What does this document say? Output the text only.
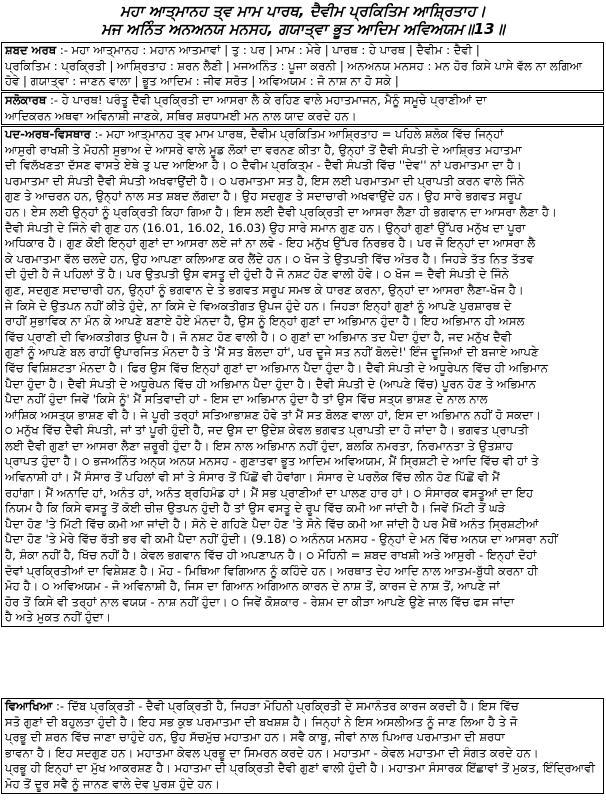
ਮਹਾ ਆਤ੍ਮਾਨਹ ਤ੍ਵ ਮਾਮ ਪਾਰਥ, ਦੈਵੀਮ ਪ੍ਰਕਿਤਿਮ ਆਸ਼੍ਰਿਤਾਹ।
ਮਜ ਅਨਿੰਤ ਅਨਅਨਯ ਮਨਸਹ, ਗਯਾਤ੍ਵਾ ਭੂਤ ਆਦਿਮ ਅਵਿਅਯਮ॥13॥
ਸ਼ਬਦ ਅਰਥ :- ਮਹਾ ਆਤ੍ਮਾਨਹ : ਮਹਾਨ ਆਤਮਾਵਾਂ | ਤੁ : ਪਰ | ਮਾਮ : ਮੇਰੇ | ਪਾਰਥ : ਹੇ ਪਾਰਥ | ਦੈਵੀਮ : ਦੈਵੀ |
ਪ੍ਰਕਿਤਿਮ : ਪ੍ਰਕ੍ਰਿਤੀ | ਆਸ਼੍ਰਿਤਾਹ : ਸ਼ਰਨ ਲੈਣੀ | ਮਜਅਨਿੰਤ : ਪੂਜਾ ਕਰਨੀ | ਅਨਅਨਯ ਮਨਸਹ : ਮਨ ਹੋਰ ਕਿਸੇ ਪਾਸੇ ਵੱਲ ਨਾ ਲਗਿਆ
ਹੋਵੇ | ਗਯਾਤ੍ਵਾ : ਜਾਣਨ ਵਾਲਾ | ਭੂਤ ਆਦਿਮ : ਜੀਵ ਸਰੋਤ | ਅਵਿਅਯਮ : ਜੋ ਨਾਸ਼ ਨਾ ਹੋ ਸਕੇ |
ਸਲੋਕਾਰਥ :- ਹੇ ਪਾਰਥ! ਪਰੰਤੂ ਦੈਵੀ ਪ੍ਰਕ੍ਰਿਤੀ ਦਾ ਆਸਰਾ ਲੈ ਕੇ ਰਹਿਣ ਵਾਲੇ ਮਹਾਤਮਾਜਨ, ਮੈਨੂੰ ਸਮੂਚੇ ਪ੍ਰਾਣੀਆਂ ਦਾ
ਆਦਿਕਰਨ ਅਥਵਾ ਅਵਿਨਾਸ਼ੀ ਜਾਣਕੇ, ਸਥਿਰ ਸ਼ਰਧਾਮਈ ਮਨ ਨਾਲ ਯਾਦ ਕਰਦੇ ਹਨ।
ਪਦ-ਅਰਥ-ਵਿਸਥਾਰ :- ਮਹਾ ਆਤ੍ਮਾਨਹ ਤ੍ਵ ਮਾਮ ਪਾਰਥ, ਦੈਵੀਮ ਪ੍ਰਕਿਤਿਮ ਆਸ਼੍ਰਿਤਾਹ = ਪਹਿਲੇ ਸ਼ਲੋਕ ਵਿੱਚ ਜਿਨ੍ਹਾਂ
ਆਸੁਰੀ ਰਾਖਸ਼ੀ ਤੇ ਮੋਹਨੀ ਸੁਭਾਅ ਦੇ ਆਸਰੇ ਵਾਲੇ ਮੂਡ ਲੋਕਾਂ ਦਾ ਵਰਨਣ ਕੀਤਾ ਹੈ, ਉਨ੍ਹਾਂ ਤੋਂ ਦੈਵੀ ਸੰਪਤੀ ਦੇ ਆਸ਼੍ਰਿਤ ਮਹਾਤਮਾ
ਦੀ ਵਿਲੱਖਣਤਾ ਦੱਸਣ ਵਾਸਤੇ ਏਥੇ ਤੁ ਪਦ ਆਇਆ ਹੈ। ੦ ਦੈਵੀਮ ਪ੍ਰਕਿਤ੍ਮ - ਦੈਵੀ ਸੰਪਤੀ ਵਿੱਚ ''ਦੇਵ'' ਨਾਂ ਪਰਮਾਤਮਾ ਦਾ ਹੈ।
ਪਰਮਾਤਮਾ ਦੀ ਸੰਪਤੀ ਦੈਵੀ ਸੰਪਤੀ ਅਖਵਾਉਂਦੀ ਹੈ। ੦ ਪਰਮਾਤਮਾ ਸਤ ਹੈ, ਇਸ ਲਈ ਪਰਮਾਤਮਾ ਦੀ ਪ੍ਰਾਪਤੀ ਕਰਨ ਵਾਲੇ ਜਿੰਨੇ
ਗੁਣ ਤੇ ਆਚਰਨ ਹਨ, ਉਨ੍ਹਾਂ ਨਾਲ ਸਤ ਸ਼ਬਦ ਲੱਗਦਾ ਹੈ। ਉਹ ਸਦਗੁਣ ਤੇ ਸਦਾਚਾਰੀ ਅਖਵਾਉਂਦੇ ਹਨ। ਉਹ ਸਾਰੇ ਭਗਵਤ ਸਰੂਪ
ਹਨ। ਏਸ ਲਈ ਉਨ੍ਹਾਂ ਨੂੰ ਪ੍ਰਕ੍ਰਿਤੀ ਕਿਹਾ ਗਿਆ ਹੈ। ਇਸ ਲਈ ਦੈਵੀ ਪ੍ਰਕ੍ਰਿਤੀ ਦਾ ਆਸਰਾ ਲੈਣਾ ਹੀ ਭਗਵਾਨ ਦਾ ਆਸਰਾ ਲੈਣਾ ਹੈ।
ਦੈਵੀ ਸੰਪਤੀ ਦੇ ਜਿੰਨੇ ਵੀ ਗੁਣ ਹਨ (16.01, 16.02, 16.03) ਉਹ ਸਾਰੇ ਸਮਾਨ ਗੁਣ ਹਨ। ਉਨ੍ਹਾਂ ਗੁਣਾਂ ਉੱਪਰ ਮਨੁੱਖ ਦਾ ਪੂਰਾ
ਅਧਿਕਾਰ ਹੈ। ਗੁਣ ਕੋਈ ਇਨ੍ਹਾਂ ਗੁਣਾਂ ਦਾ ਆਸਰਾ ਲਏ ਜਾਂ ਨਾ ਲਵੇ - ਇਹ ਮਨੁੱਖ ਉੱਪਰ ਨਿਰਭਰ ਹੈ। ਪਰ ਜੋ ਇਨ੍ਹਾਂ ਦਾ ਆਸਰਾ ਲੈ
ਕੇ ਪਰਮਾਤਮਾ ਵੱਲ ਚਲਦੇ ਹਨ, ਉਹ ਆਪਣਾ ਕਲਿਆਣ ਕਰ ਲੈਂਦੇ ਹਨ। ੦ ਖੋਜ ਤੇ ਉਤਪਤੀ ਵਿੱਚ ਅੰਤਰ ਹੈ। ਜਿਹੜੇ ਤੱਤ ਨਿਤ ਤੱਤਵ
ਦੀ ਹੁੰਦੀ ਹੈ ਜੋ ਪਹਿਲਾਂ ਤੋਂ ਹੈ। ਪਰ ਉਤਪਤੀ ਉਸ ਵਸਤੂ ਦੀ ਹੁੰਦੀ ਹੈ ਜੋ ਨਸ਼ਟ ਹੋਣ ਵਾਲੀ ਹੋਵੇ। ੦ ਖੋਜ = ਦੈਵੀ ਸੰਪਤੀ ਦੇ ਜਿੰਨੇ
ਗੁਣ, ਸਦਗੁਣ ਸਦਾਚਾਰੀ ਹਨ, ਉਨ੍ਹਾਂ ਨੂੰ ਭਗਵਾਨ ਦੇ ਤੇ ਭਗਵਤ ਸਰੂਪ ਸਮਝ ਕੇ ਧਾਰਣ ਕਰਨਾ, ਉਨ੍ਹਾਂ ਦਾ ਆਸਰਾ ਲੈਣਾ-ਖੋਜ ਹੈ।
ਜੇ ਕਿਸੇ ਦੇ ਉਤਪਨ ਨਹੀਂ ਕੀਤੇ ਹੁੰਦੇ, ਨਾ ਕਿਸੇ ਦੇ ਵਿਅਕਤੀਗਤ ਉਪਜ ਹੁੰਦੇ ਹਨ। ਜਿਹੜਾ ਇਨ੍ਹਾਂ ਗੁਣਾਂ ਨੂੰ ਆਪਣੇ ਪੁਰਸ਼ਾਰਥ ਦੇ
ਰਾਹੀਂ ਸੁਭਾਵਿਕ ਨਾ ਮੰਨ ਕੇ ਆਪਣੇ ਬਣਾਏ ਹੋਏ ਮੰਨਦਾ ਹੈ, ਉਸ ਨੂੰ ਇਨ੍ਹਾਂ ਗੁਣਾਂ ਦਾ ਅਭਿਮਾਨ ਹੁੰਦਾ ਹੈ। ਇਹ ਅਭਿਮਾਨ ਹੀ ਅਸਲ
ਵਿੱਚ ਪ੍ਰਾਣੀ ਦੀ ਵਿਅਕਤੀਗਤ ਉਪਜ ਹੈ। ਜੋ ਨਸ਼ਟ ਹੋਣ ਵਾਲੀ ਹੈ। ੦ ਗੁਣਾਂ ਦਾ ਅਭਿਮਾਨ ਤਦ ਪੈਦਾ ਹੁੰਦਾ ਹੈ, ਜਦ ਮਨੁੱਖ ਦੈਵੀ
ਗੁਣਾਂ ਨੂੰ ਆਪਣੇ ਬਲ ਰਾਹੀਂ ਉਪਾਰਜਿਤ ਮੰਨਦਾ ਹੈ ਤੇ 'ਮੈਂ ਸਤ ਬੋਲਦਾ ਹਾਂ', ਪਰ ਦੂਜੇ ਸਤ ਨਹੀਂ ਬੋਲਦੇ!' ਇੰਜ ਦੂਜਿਆਂ ਦੀ ਬਜਾਏ ਆਪਣੇ
ਵਿੱਚ ਵਿਸ਼ਿਸ਼ਟਤਾ ਮੰਨਦਾ ਹੈ। ਫਿਰ ਉਸ ਵਿੱਚ ਇਨ੍ਹਾਂ ਗੁਣਾਂ ਦਾ ਅਭਿਮਾਨ ਪੈਦਾ ਹੁੰਦਾ ਹੈ। ਦੈਵੀ ਸੰਪਤੀ ਦੇ ਅਧੂਰੇਪਨ ਵਿੱਚ ਹੀ ਅਭਿਮਾਨ
ਪੈਦਾ ਹੁੰਦਾ ਹੈ। ਦੈਵੀ ਸੰਪਤੀ ਦੇ ਅਧੂਰੇਪਨ ਵਿੱਚ ਹੀ ਅਭਿਮਾਨ ਪੈਦਾ ਹੁੰਦਾ ਹੈ। ਦੈਵੀ ਸੰਪਤੀ ਦੇ (ਆਪਣੇ ਵਿੱਚ) ਪੂਰਨ ਹੋਣ ਤੇ ਅਭਿਮਾਨ
ਪੈਦਾ ਨਹੀਂ ਹੁੰਦਾ ਜਿਵੇਂ 'ਕਿਸੇ ਨੂੰ' ਮੈਂ ਸਤਿਵਾਦੀ ਹਾਂ - ਇਸ ਦਾ ਅਭਿਮਾਨ ਹੁੰਦਾ ਹੈ ਤਾਂ ਉਸ ਵਿੱਚ ਸਤ੍ਯ ਭਾਸ਼ਣ ਦੇ ਨਾਲ ਨਾਲ
ਆਂਸ਼ਿਕ ਅਸਤ੍ਯ ਭਾਸ਼ਣ ਵੀ ਹੈ। ਜੇ ਪੂਰੀ ਤਰ੍ਹਾਂ ਸਤਿਆਭਾਸ਼ਣ ਹੋਵੇ ਤਾਂ ਮੈਂ ਸਤ ਬੋਲਣ ਵਾਲਾ ਹਾਂ, ਇਸ ਦਾ ਅਭਿਮਾਨ ਨਹੀਂ ਹੋ ਸਕਦਾ।
੦ ਮਨੁੱਖ ਵਿੱਚ ਦੈਵੀ ਸੰਪਤੀ, ਜਾਂ ਤਾਂ ਪੂਰੀ ਹੁੰਦੀ ਹੈ, ਜਦ ਉਸ ਦਾ ਉਦੇਸ਼ ਕੇਵਲ ਭਗਵਤ ਪ੍ਰਾਪਤੀ ਦਾ ਹੋ ਜਾਂਦਾ ਹੈ। ਭਗਵਤ ਪ੍ਰਾਪਤੀ
ਲਈ ਦੈਵੀ ਗੁਣਾਂ ਦਾ ਆਸਰਾ ਲੈਣਾ ਜ਼ਰੂਰੀ ਹੁੰਦਾ ਹੈ। ਇਸ ਨਾਲ ਅਭਿਮਾਨ ਨਹੀਂ ਹੁੰਦਾ, ਬਲਕਿ ਨਮਰਤਾ, ਨਿਰਮਾਨਤਾ ਤੇ ਉਤਸ਼ਾਹ
ਪ੍ਰਾਪਤ ਹੁੰਦਾ ਹੈ। ੦ ਭਜਅਨਿੰਤ ਅਨ੍ਯ ਅਨਯ ਮਨਸਹ - ਗੁਣਾਤਵਾ ਭੂਤ ਆਦਿਮ ਅਵਿਅਯਮ, ਮੈਂ ਸ੍ਰਿਸ਼ਟੀ ਦੇ ਆਦਿ ਵਿੱਚ ਵੀ ਹਾਂ ਤੇ
ਅਵਿਨਾਸ਼ੀ ਹਾਂ। ਮੈਂ ਸੰਸਾਰ ਤੋਂ ਪਹਿਲਾਂ ਵੀ ਸਾਂ ਤੇ ਸੰਸਾਰ ਤੋਂ ਪਿੱਛੋਂ ਵੀ ਹੋਵਾਂਗਾ। ਸੰਸਾਰ ਦੇ ਪਰਲੋਕ ਵਿੱਚ ਲੀਨ ਹੋਣ ਪਿੱਛੋਂ ਵੀ ਮੈਂ
ਰਹਾਂਗਾ। ਮੈਂ ਅਨਾਦਿ ਹਾਂ, ਅਨੰਤ ਹਾਂ, ਅਨੰਤ ਬ੍ਰਹਿਮੰਡ ਹਾਂ। ਮੈਂ ਸਭ ਪ੍ਰਾਣੀਆਂ ਦਾ ਪਾਲਣ ਹਾਰ ਹਾਂ। ੦ ਸੰਸਾਰਕ ਵਸਤੂਆਂ ਦਾ ਇਹ
ਨਿਯਮ ਹੈ ਕਿ ਕਿਸੇ ਵਸਤੂ ਤੋਂ ਕੋਈ ਚੀਜ਼ ਉਤਪਨ ਹੁੰਦੀ ਹੈ ਤਾਂ ਉਸ ਵਸਤੂ ਦੇ ਰੂਪ ਵਿੱਚ ਕਮੀ ਆ ਜਾਂਦੀ ਹੈ। ਜਿਵੇਂ ਮਿੱਟੀ ਤੋਂ ਘੜੇ
ਪੈਦਾ ਹੋਣ 'ਤੇ ਮਿੱਟੀ ਵਿੱਚ ਕਮੀ ਆ ਜਾਂਦੀ ਹੈ। ਸੋਨੇ ਦੇ ਗਹਿਣੇ ਪੈਦਾ ਹੋਣ 'ਤੇ ਸੋਨੇ ਵਿੱਚ ਕਮੀ ਆ ਜਾਂਦੀ ਹੈ ਪਰ ਮੈਥੋਂ ਅਨੰਤ ਸ੍ਰਿਸ਼ਟੀਆਂ
ਪੈਦਾ ਹੋਣ 'ਤੇ ਮੇਰੇ ਵਿੱਚ ਰੱਤੀ ਭਰ ਵੀ ਕਮੀ ਪੈਦਾ ਨਹੀਂ ਹੁੰਦੀ। (9.18) ੦ ਅਨੰਨਯ ਮਨਸਹ - ਉਨ੍ਹਾਂ ਦੇ ਮਨ ਵਿੱਚ ਅਨਯ ਦਾ ਆਸਰਾ ਨਹੀਂ
ਹੈ, ਸ਼ੰਕਾ ਨਹੀਂ ਹੈ, ਖਿੱਚ ਨਹੀਂ ਹੈ। ਕੇਵਲ ਭਗਵਾਨ ਵਿੱਚ ਹੀ ਅਪਣਾਪਨ ਹੈ। ੦ ਮੋਹਿਨੀ = ਸ਼ਬਦ ਰਾਖਸ਼ੀ ਅਤੇ ਆਸੁਰੀ - ਇਨ੍ਹਾਂ ਦੋਹਾਂ
ਦੋਵਾਂ ਪ੍ਰਕ੍ਰਿਤੀਆਂ ਦਾ ਵਿਸ਼ੇਸ਼ਣ ਹੈ। ਮੋਹ - ਮਿਥਿਆ ਵਿਗਿਆਨ ਨੂੰ ਕਹਿੰਦੇ ਹਨ। ਅਰਥਾਤ ਦੇਹ ਆਦਿ ਨਾਲ ਆਤਮ-ਬੁੱਧੀ ਕਰਨਾ ਹੀ
ਮੋਹ ਹੈ। ੦ ਅਵਿਅਯਮ - ਜੋ ਅਵਿਨਾਸ਼ੀ ਹੈ, ਜਿਸ ਦਾ ਗਿਆਨ ਅਗਿਆਨ ਕਾਰਨ ਦੇ ਨਾਸ਼ ਤੋਂ, ਕਾਰਜ ਦੇ ਨਾਸ਼ ਤੋਂ, ਆਪਣੇ ਜਾਂ
ਹੋਰ ਤੋਂ ਕਿਸੇ ਵੀ ਤਰ੍ਹਾਂ ਨਾਲ ਵਯਯ - ਨਾਸ਼ ਨਹੀਂ ਹੁੰਦਾ। ੦ ਜਿਵੇਂ ਕੋਸ਼ਕਾਰ - ਰੇਸ਼ਮ ਦਾ ਕੀੜਾ ਆਪਣੇ ਉਣੇ ਜਾਲ ਵਿੱਚ ਫਸ ਜਾਂਦਾ
ਹੈ ਅਤੇ ਮੁਕਤ ਨਹੀਂ ਹੁੰਦਾ।
ਵਿਆਖਿਆ :- ਦਿੱਬ ਪ੍ਰਕ੍ਰਿਤੀ - ਦੈਵੀ ਪ੍ਰਕ੍ਰਿਤੀ ਹੈ, ਜਿਹੜਾ ਮੋਹਿਨੀ ਪ੍ਰਕ੍ਰਿਤੀ ਦੇ ਸਮਾਨੰਤਰ ਕਾਰਜ ਕਰਦੀ ਹੈ। ਇਸ ਵਿੱਚ
ਸਤੋ ਗੁਣਾਂ ਦੀ ਬਹੁਲਤਾ ਹੁੰਦੀ ਹੈ। ਇਹ ਸਭ ਕੁਝ ਪਰਮਾਤਮਾ ਦੀ ਬਖਸ਼ਸ਼ ਹੈ। ਜਿਨ੍ਹਾਂ ਨੇ ਇਸ ਅਸਲੀਅਤ ਨੂੰ ਜਾਣ ਲਿਆ ਹੈ ਤੇ ਜੋ
ਪ੍ਰਭੂ ਦੀ ਸ਼ਰਨ ਵਿੱਚ ਜਾਣਾ ਚਾਹੁੰਦੇ ਹਨ, ਉਹ ਸੱਚਮੁੱਚ ਮਹਾਤਮਾ ਹਨ। ਸਵੈ ਕਾਬੂ, ਜੀਵਾਂ ਨਾਲ ਪਿਆਰ ਪਰਮਾਤਮਾ ਦੀ ਸ਼ਰਧਾ
ਭਾਵਨਾ ਹੈ। ਇਹ ਸਦਗੁਣ ਹਨ। ਮਹਾਤਮਾ ਕੇਵਲ ਪ੍ਰਭੂ ਦਾ ਸਿਮਰਨ ਕਰਦੇ ਹਨ। ਮਹਾਤਮਾ - ਕੇਵਲ ਮਹਾਤਮਾ ਦੀ ਸੰਗਤ ਕਰਦੇ ਹਨ।
ਪ੍ਰਭੂ ਹੀ ਇਨ੍ਹਾਂ ਦਾ ਮੁੱਖ ਆਕਰਸ਼ਣ ਹੈ। ਮਹਾਤਮਾ ਦੀ ਪ੍ਰਕ੍ਰਿਤੀ ਦੈਵੀ ਗੁਣਾਂ ਵਾਲੀ ਹੁੰਦੀ ਹੈ। ਮਹਾਤਮਾ ਸੰਸਾਰਕ ਇੱਛਾਵਾਂ ਤੋਂ ਮੁਕਤ, ਇੰਦ੍ਰਿਆਵੀ
ਮੋਹ ਤੋਂ ਦੂਰ ਸਵੈ ਨੂੰ ਜਾਨਣ ਵਾਲੇ ਦੇਵ ਪੁਰਸ਼ ਹੁੰਦੇ ਹਨ।
